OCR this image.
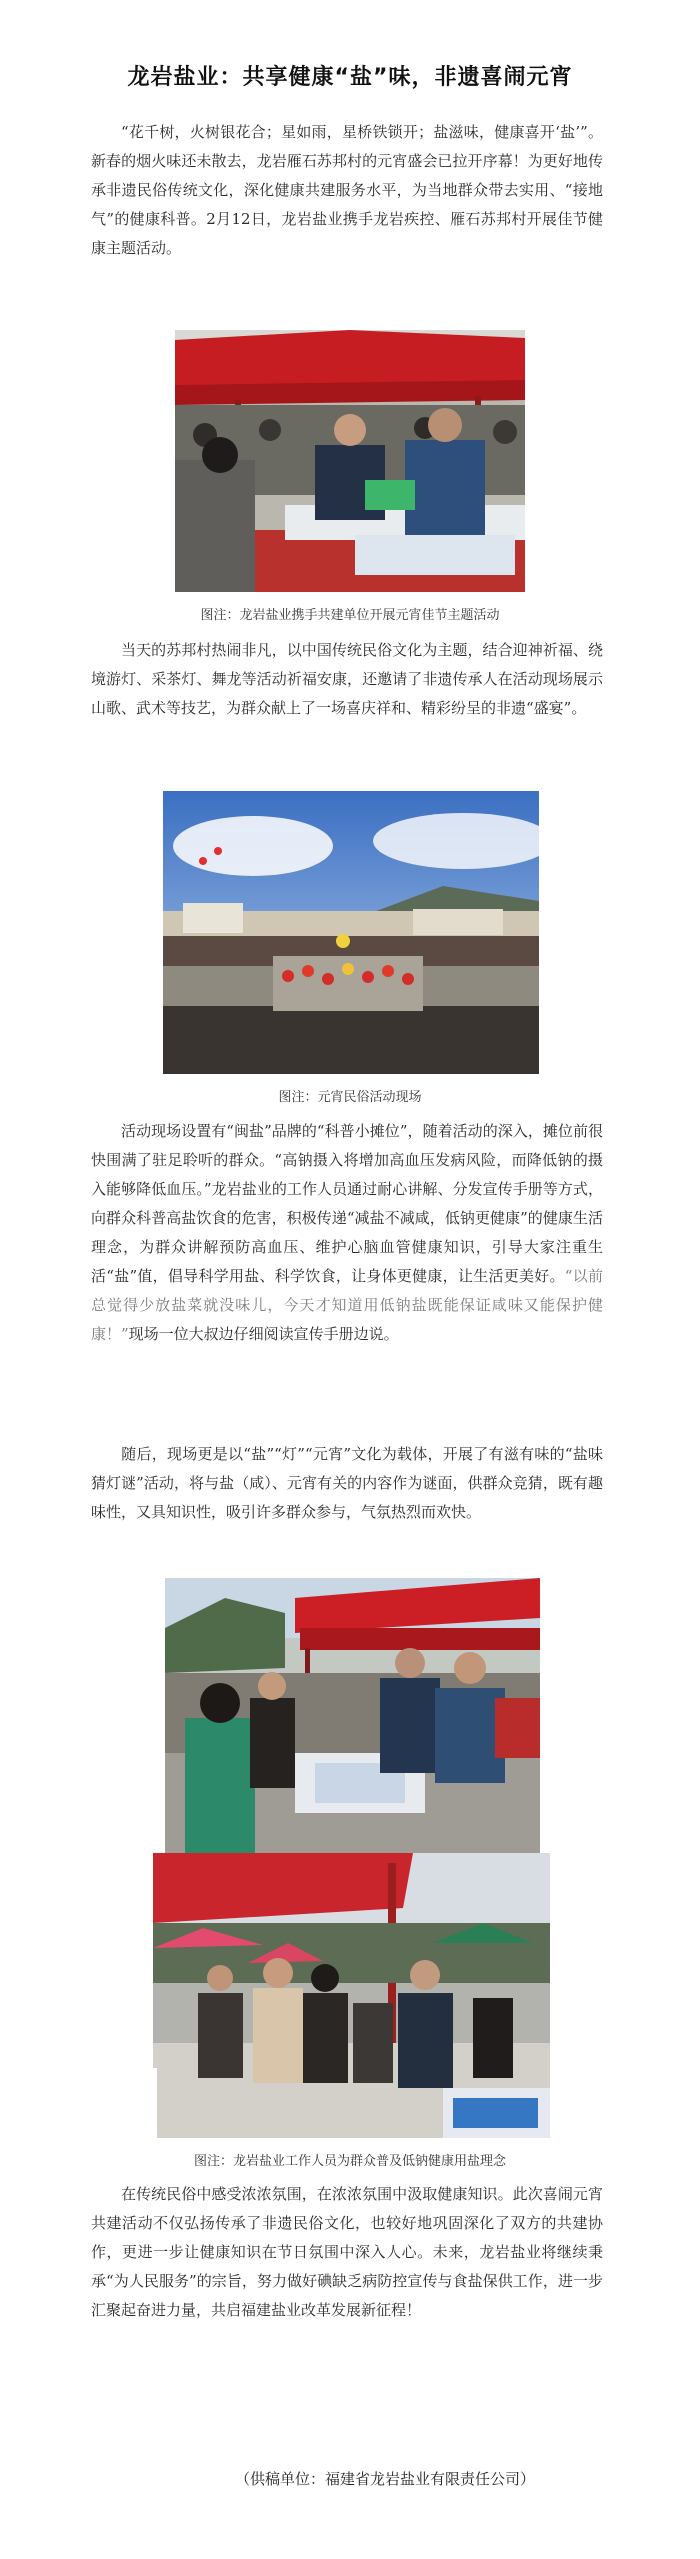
龙岩盐业：共享健康“盐”味，非遗喜闹元宵

“花千树，火树银花合；星如雨，星桥铁锁开；盐滋味，健康喜开‘盐’”。新春的烟火味还未散去，龙岩雁石苏邦村的元宵盛会已拉开序幕！为更好地传承非遗民俗传统文化，深化健康共建服务水平，为当地群众带去实用、“接地气”的健康科普。2月12日，龙岩盐业携手龙岩疾控、雁石苏邦村开展佳节健康主题活动。

图注：龙岩盐业携手共建单位开展元宵佳节主题活动

当天的苏邦村热闹非凡，以中国传统民俗文化为主题，结合迎神祈福、绕境游灯、采茶灯、舞龙等活动祈福安康，还邀请了非遗传承人在活动现场展示山歌、武术等技艺，为群众献上了一场喜庆祥和、精彩纷呈的非遗“盛宴”。

图注：元宵民俗活动现场

活动现场设置有“闽盐”品牌的“科普小摊位”，随着活动的深入，摊位前很快围满了驻足聆听的群众。“高钠摄入将增加高血压发病风险，而降低钠的摄入能够降低血压。”龙岩盐业的工作人员通过耐心讲解、分发宣传手册等方式，向群众科普高盐饮食的危害，积极传递“减盐不减咸，低钠更健康”的健康生活理念，为群众讲解预防高血压、维护心脑血管健康知识，引导大家注重生活“盐”值，倡导科学用盐、科学饮食，让身体更健康，让生活更美好。“以前总觉得少放盐菜就没味儿，今天才知道用低钠盐既能保证咸味又能保护健康！”现场一位大叔边仔细阅读宣传手册边说。

随后，现场更是以“盐”“灯”“元宵”文化为载体，开展了有滋有味的“盐味猜灯谜”活动，将与盐（咸）、元宵有关的内容作为谜面，供群众竞猜，既有趣味性，又具知识性，吸引许多群众参与，气氛热烈而欢快。

图注：龙岩盐业工作人员为群众普及低钠健康用盐理念

在传统民俗中感受浓浓氛围，在浓浓氛围中汲取健康知识。此次喜闹元宵共建活动不仅弘扬传承了非遗民俗文化，也较好地巩固深化了双方的共建协作，更进一步让健康知识在节日氛围中深入人心。未来，龙岩盐业将继续秉承“为人民服务”的宗旨，努力做好碘缺乏病防控宣传与食盐保供工作，进一步汇聚起奋进力量，共启福建盐业改革发展新征程！

（供稿单位：福建省龙岩盐业有限责任公司）
